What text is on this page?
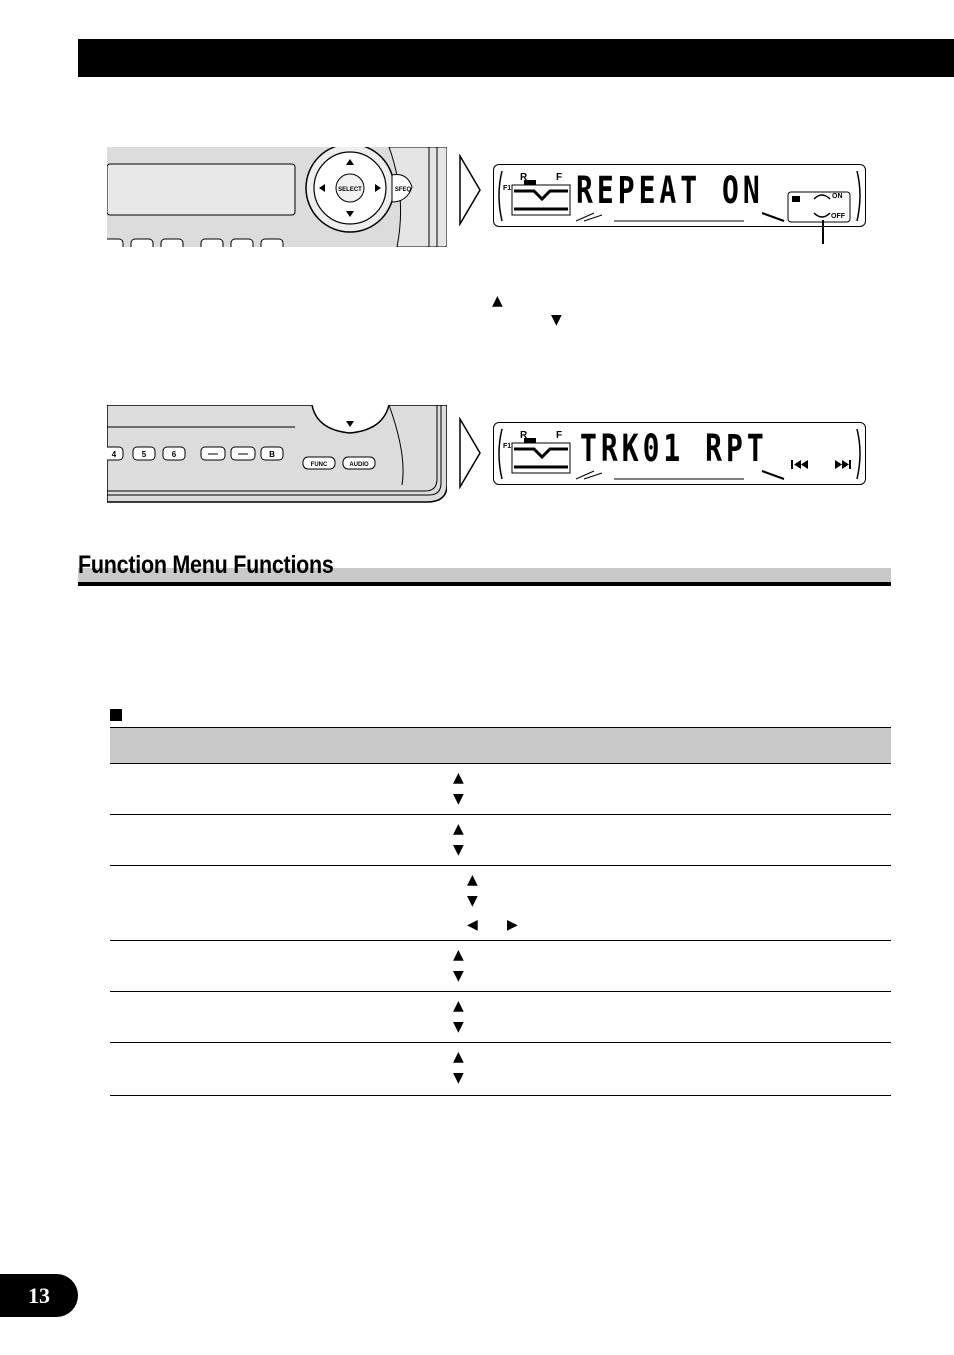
SELECT	SFEQ
R	F
F1 REPEAT ON	ON
OFF
▲
▼
4	5	6	B
FUNC	AUDIO
R	F
F1 TRK01 RPT
Function Menu Functions
▲
▼
▲
▼
▲
▼
◀ ▶
▲
▼
▲
▼
▲
▼
13
